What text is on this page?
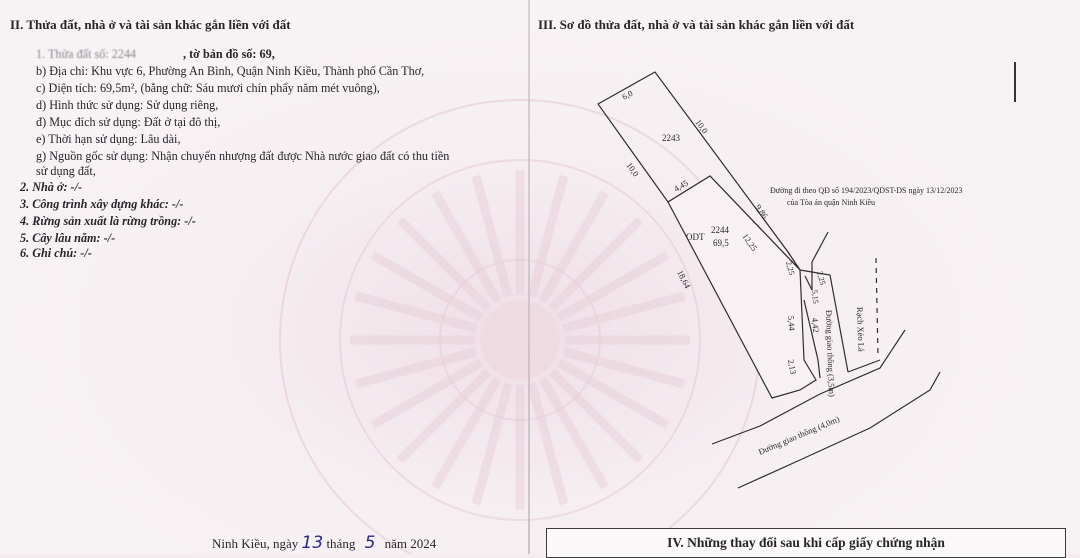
II. Thửa đất, nhà ở và tài sản khác gắn liền với đất
1. Thửa đất số: 2244	, tờ bản đồ số: 69,
b) Địa chỉ: Khu vực 6, Phường An Bình, Quận Ninh Kiều, Thành phố Cần Thơ,
c) Diện tích: 69,5m², (bằng chữ: Sáu mươi chín phẩy năm mét vuông),
d) Hình thức sử dụng: Sử dụng riêng,
đ) Mục đích sử dụng: Đất ở tại đô thị,
e) Thời hạn sử dụng: Lâu dài,
g) Nguồn gốc sử dụng: Nhận chuyển nhượng đất được Nhà nước giao đất có thu tiền
sử dụng đất,
2. Nhà ở: -/-
3. Công trình xây dựng khác: -/-
4. Rừng sản xuất là rừng trồng: -/-
5. Cây lâu năm: -/-
6. Ghi chú: -/-
III. Sơ đồ thửa đất, nhà ở và tài sản khác gắn liền với đất
2243
2244
ODT
69,5
6,0
10,0
10,0
4,45
9,86
12,25
2,25
2,25
5,15
18,64
5,44 4,42
2,13	Đường giao thông (3,5m) Rạch Xẻo Lá
Đường giao thông (4,0m)
Đường đi theo QĐ số 194/2023/QDST-DS ngày 13/12/2023
của Tòa án quận Ninh Kiều
Ninh Kiều, ngày 13 tháng 5 năm 2024	IV. Những thay đổi sau khi cấp giấy chứng nhận
